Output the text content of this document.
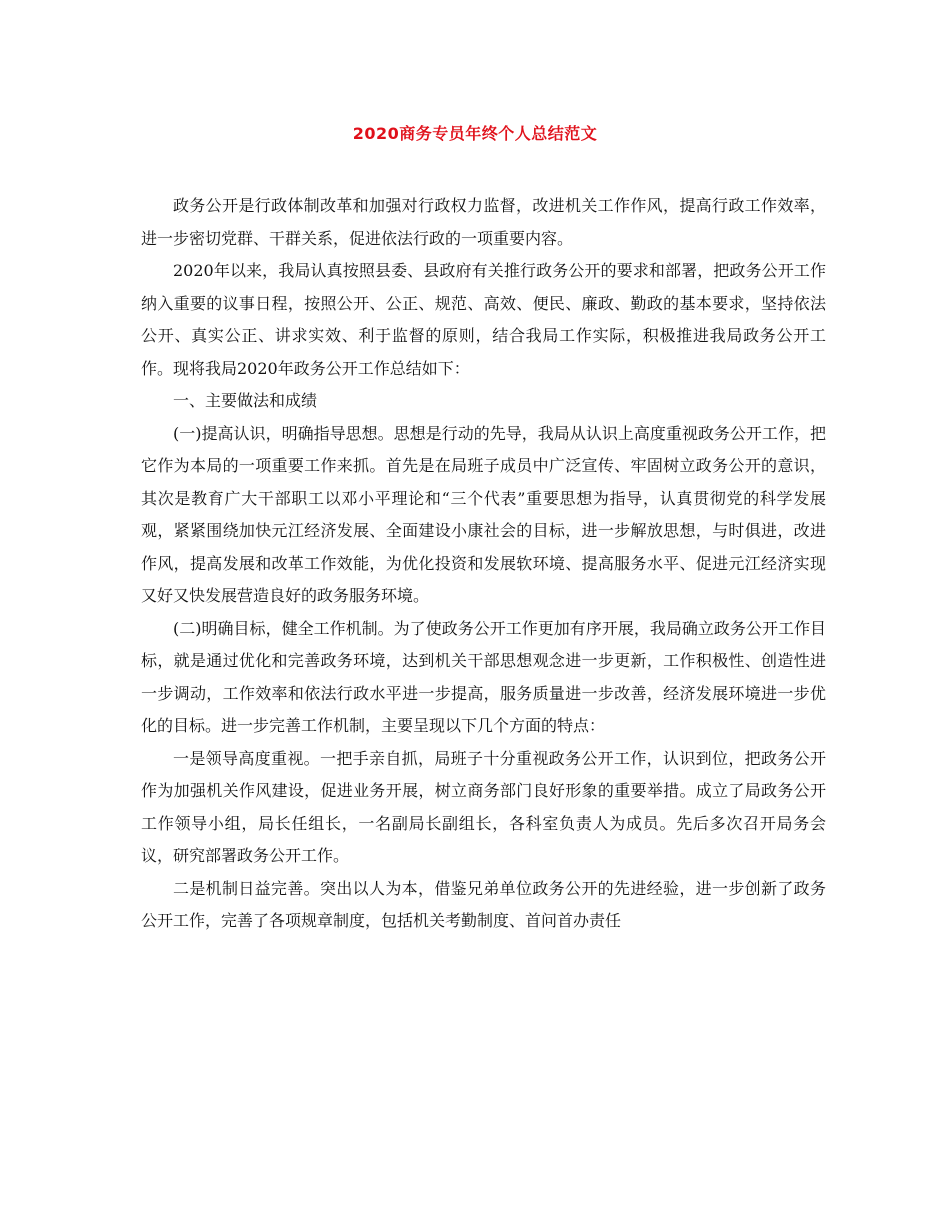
2020商务专员年终个人总结范文

政务公开是行政体制改革和加强对行政权力监督，改进机关工作作风，提高行政工作效率，进一步密切党群、干群关系，促进依法行政的一项重要内容。

2020年以来，我局认真按照县委、县政府有关推行政务公开的要求和部署，把政务公开工作纳入重要的议事日程，按照公开、公正、规范、高效、便民、廉政、勤政的基本要求，坚持依法公开、真实公正、讲求实效、利于监督的原则，结合我局工作实际，积极推进我局政务公开工作。现将我局2020年政务公开工作总结如下：

一、主要做法和成绩

(一)提高认识，明确指导思想。思想是行动的先导，我局从认识上高度重视政务公开工作，把它作为本局的一项重要工作来抓。首先是在局班子成员中广泛宣传、牢固树立政务公开的意识，其次是教育广大干部职工以邓小平理论和“三个代表”重要思想为指导，认真贯彻党的科学发展观，紧紧围绕加快元江经济发展、全面建设小康社会的目标，进一步解放思想，与时俱进，改进作风，提高发展和改革工作效能，为优化投资和发展软环境、提高服务水平、促进元江经济实现又好又快发展营造良好的政务服务环境。

(二)明确目标，健全工作机制。为了使政务公开工作更加有序开展，我局确立政务公开工作目标，就是通过优化和完善政务环境，达到机关干部思想观念进一步更新，工作积极性、创造性进一步调动，工作效率和依法行政水平进一步提高，服务质量进一步改善，经济发展环境进一步优化的目标。进一步完善工作机制，主要呈现以下几个方面的特点：

一是领导高度重视。一把手亲自抓，局班子十分重视政务公开工作，认识到位，把政务公开作为加强机关作风建设，促进业务开展，树立商务部门良好形象的重要举措。成立了局政务公开工作领导小组，局长任组长，一名副局长副组长，各科室负责人为成员。先后多次召开局务会议，研究部署政务公开工作。

二是机制日益完善。突出以人为本，借鉴兄弟单位政务公开的先进经验，进一步创新了政务公开工作，完善了各项规章制度，包括机关考勤制度、首问首办责任
